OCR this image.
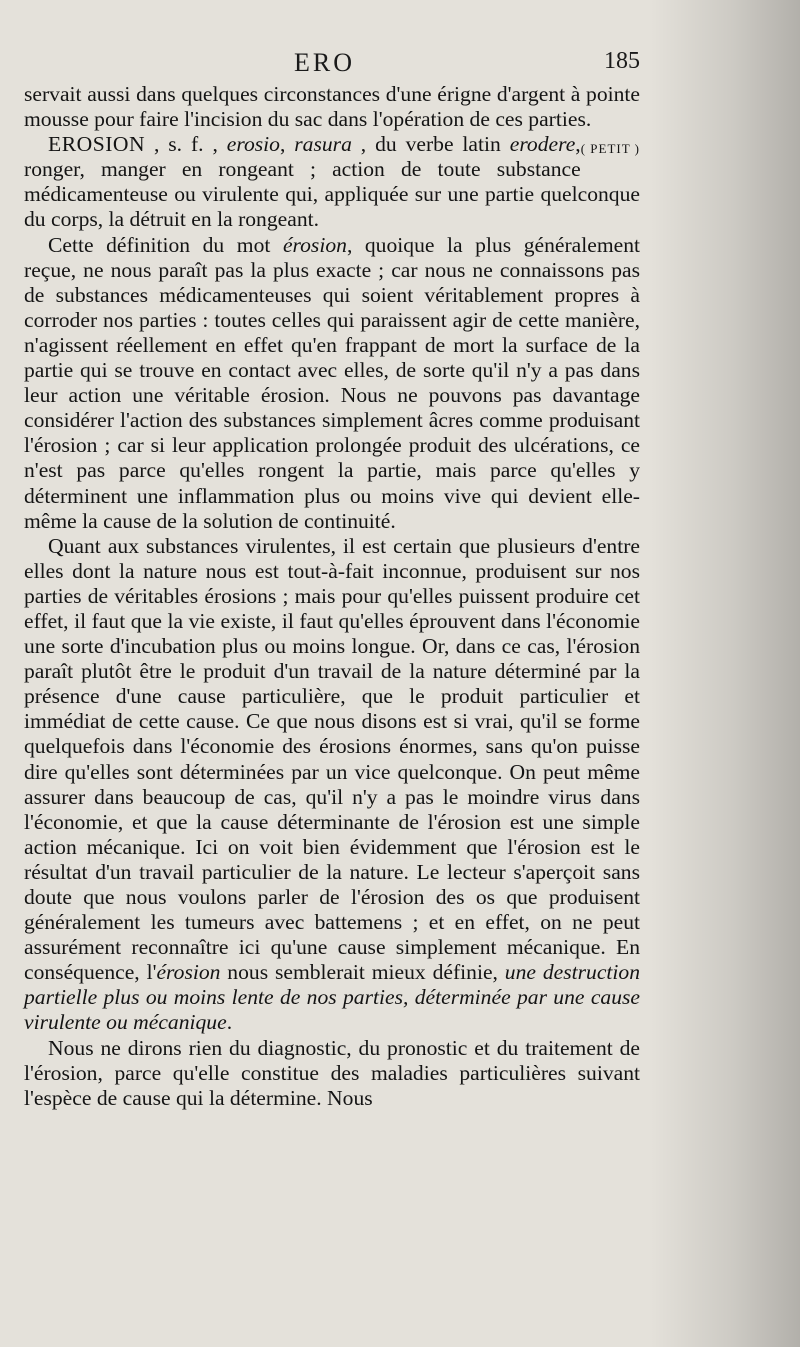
ERO	185

servait aussi dans quelques circonstances d'une érigne d'argent à pointe mousse pour faire l'incision du sac dans l'opération de ces parties.
( PETIT )

EROSION , s. f. , erosio, rasura , du verbe latin erodere, ronger, manger en rongeant ; action de toute substance médicamenteuse ou virulente qui, appliquée sur une partie quelconque du corps, la détruit en la rongeant.

Cette définition du mot érosion, quoique la plus généralement reçue, ne nous paraît pas la plus exacte ; car nous ne connaissons pas de substances médicamenteuses qui soient véritablement propres à corroder nos parties : toutes celles qui paraissent agir de cette manière, n'agissent réellement en effet qu'en frappant de mort la surface de la partie qui se trouve en contact avec elles, de sorte qu'il n'y a pas dans leur action une véritable érosion. Nous ne pouvons pas davantage considérer l'action des substances simplement âcres comme produisant l'érosion ; car si leur application prolongée produit des ulcérations, ce n'est pas parce qu'elles rongent la partie, mais parce qu'elles y déterminent une inflammation plus ou moins vive qui devient elle-même la cause de la solution de continuité.

Quant aux substances virulentes, il est certain que plusieurs d'entre elles dont la nature nous est tout-à-fait inconnue, produisent sur nos parties de véritables érosions ; mais pour qu'elles puissent produire cet effet, il faut que la vie existe, il faut qu'elles éprouvent dans l'économie une sorte d'incubation plus ou moins longue. Or, dans ce cas, l'érosion paraît plutôt être le produit d'un travail de la nature déterminé par la présence d'une cause particulière, que le produit particulier et immédiat de cette cause. Ce que nous disons est si vrai, qu'il se forme quelquefois dans l'économie des érosions énormes, sans qu'on puisse dire qu'elles sont déterminées par un vice quelconque. On peut même assurer dans beaucoup de cas, qu'il n'y a pas le moindre virus dans l'économie, et que la cause déterminante de l'érosion est une simple action mécanique. Ici on voit bien évidemment que l'érosion est le résultat d'un travail particulier de la nature. Le lecteur s'aperçoit sans doute que nous voulons parler de l'érosion des os que produisent généralement les tumeurs avec battemens ; et en effet, on ne peut assurément reconnaître ici qu'une cause simplement mécanique. En conséquence, l'érosion nous semblerait mieux définie, une destruction partielle plus ou moins lente de nos parties, déterminée par une cause virulente ou mécanique.

Nous ne dirons rien du diagnostic, du pronostic et du traitement de l'érosion, parce qu'elle constitue des maladies particulières suivant l'espèce de cause qui la détermine. Nous
